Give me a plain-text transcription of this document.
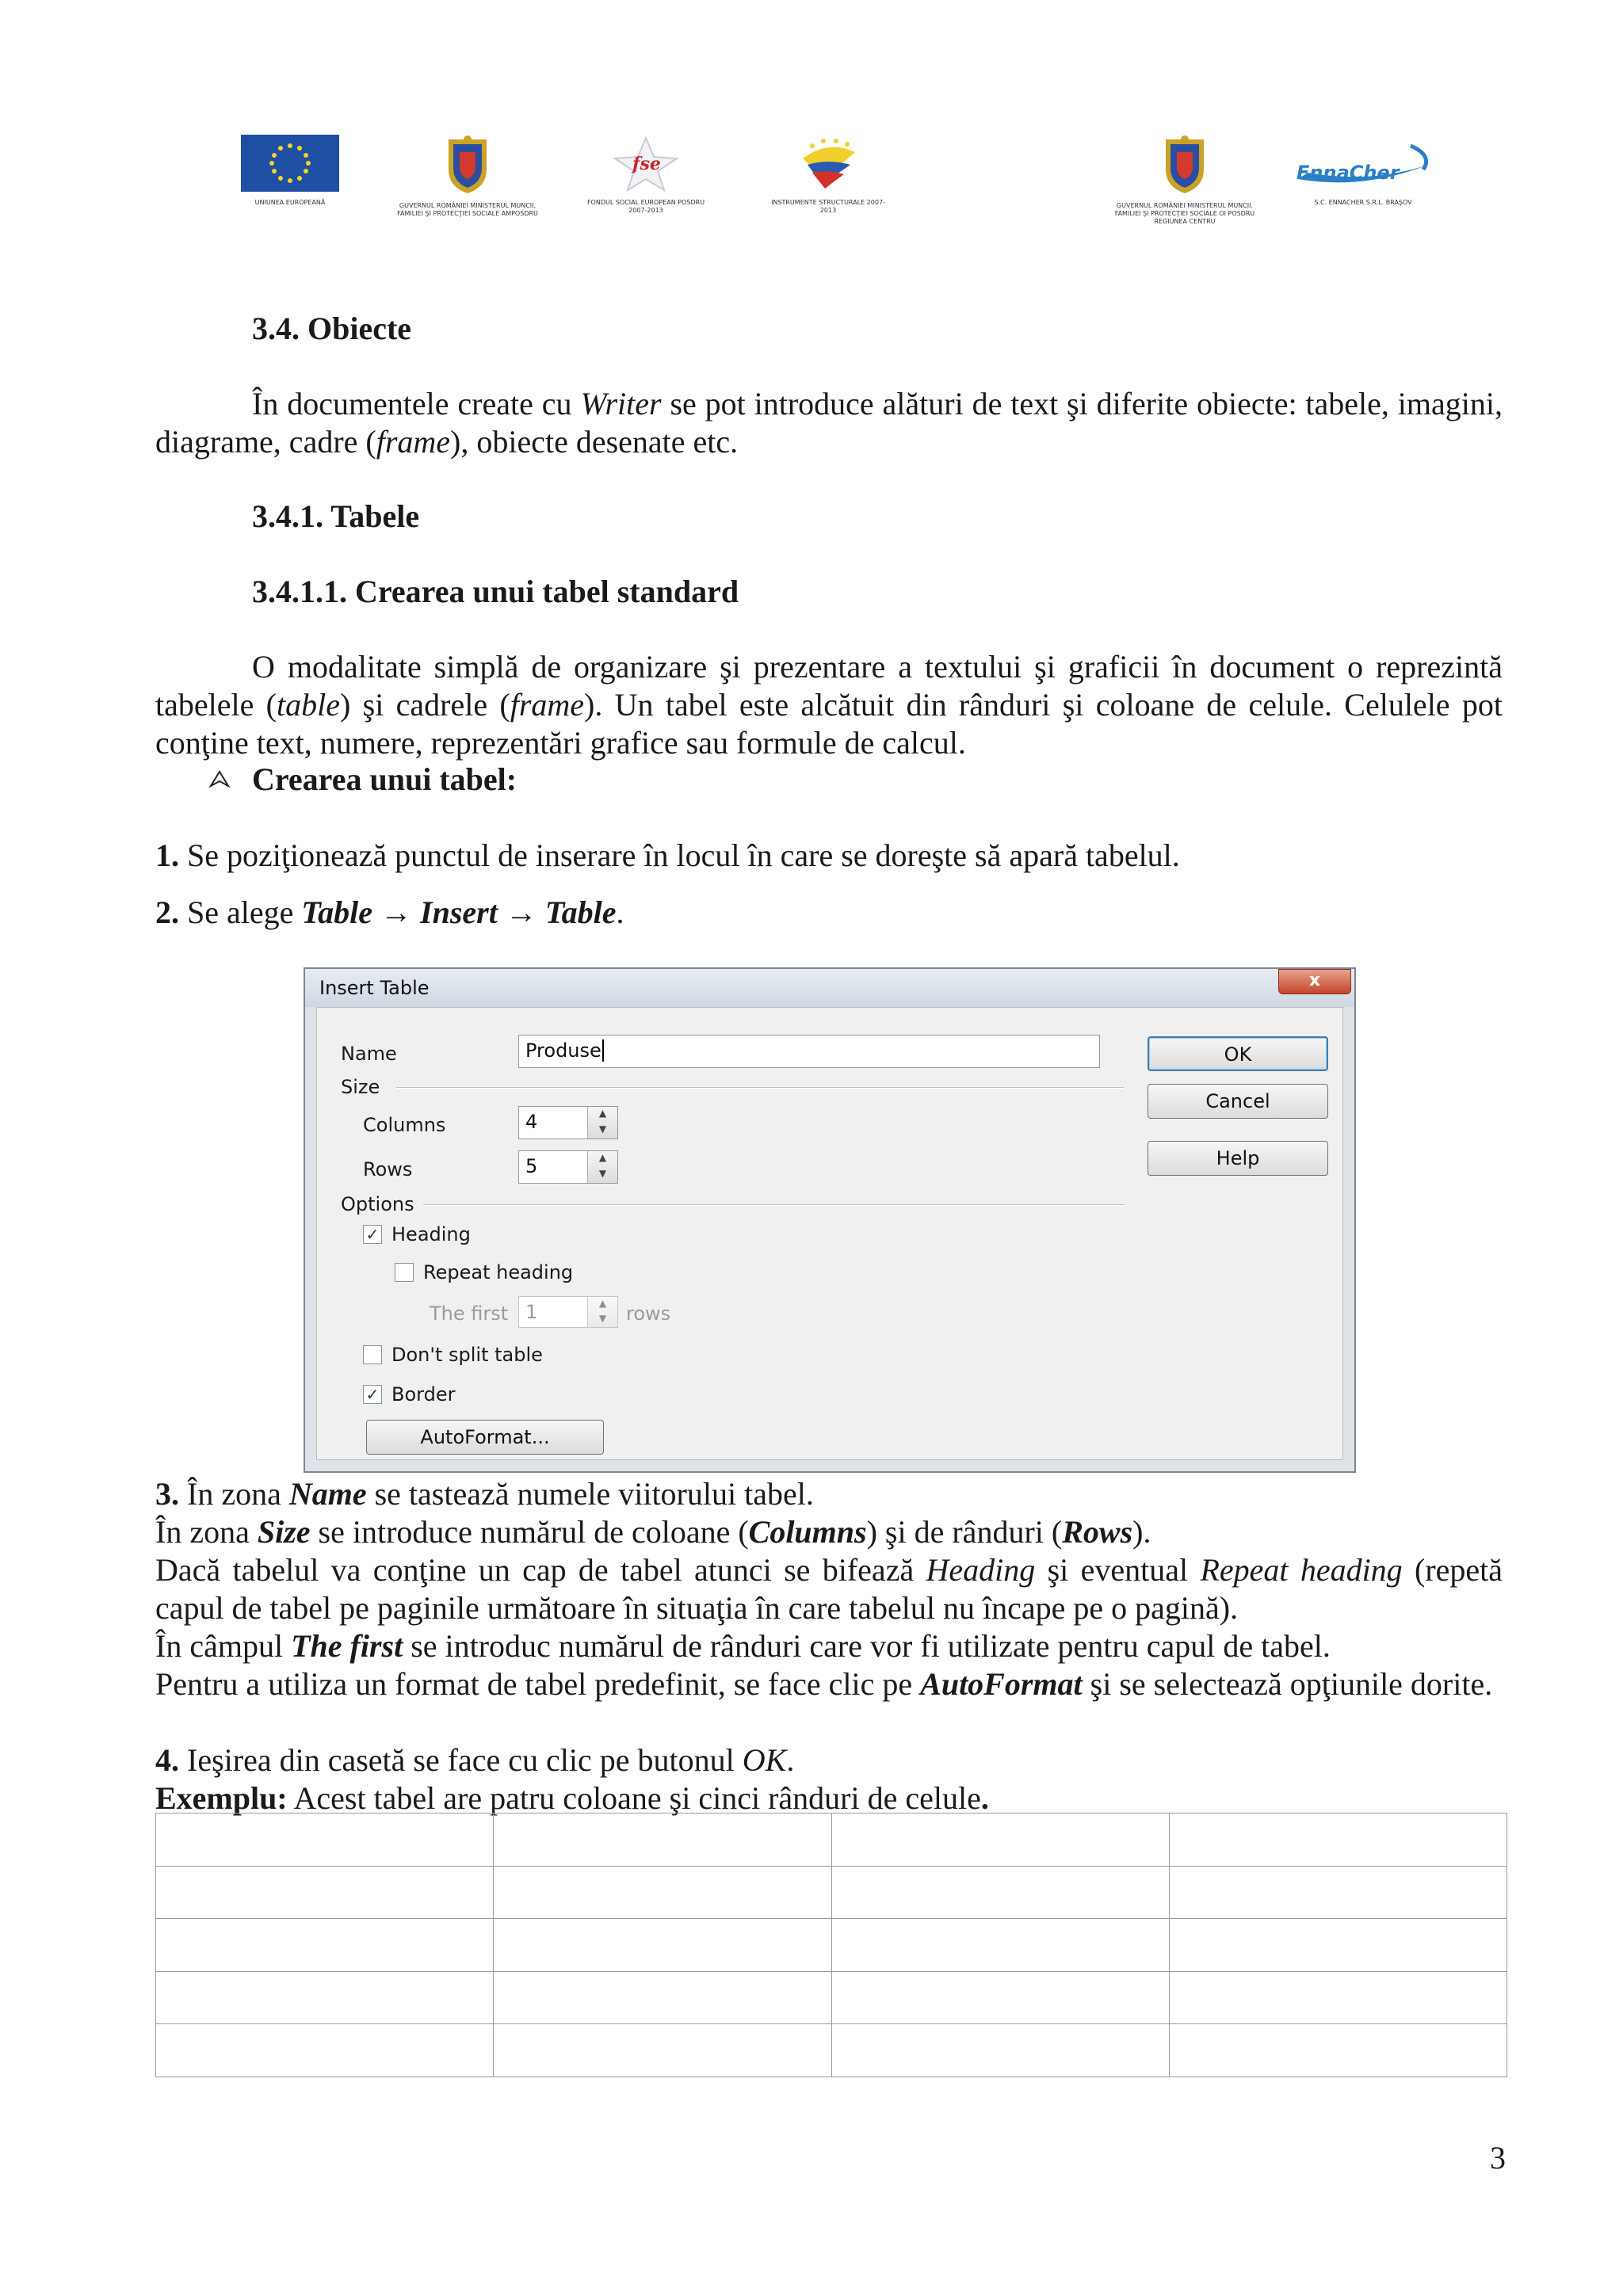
UNIUNEA EUROPEANĂ	GUVERNUL ROMÂNIEI MINISTERUL MUNCII, FAMILIEI ŞI PROTECŢIEI SOCIALE AMPOSDRU
fse
FONDUL SOCIAL EUROPEAN POSDRU 2007-2013
INSTRUMENTE STRUCTURALE 2007-2013
GUVERNUL ROMÂNIEI MINISTERUL MUNCII, FAMILIEI ŞI PROTECŢIEI SOCIALE OI POSDRU REGIUNEA CENTRU
EnnaCher
S.C. ENNACHER S.R.L. BRAŞOV

3.4. Obiecte

În documentele create cu Writer se pot introduce alături de text şi diferite obiecte: tabele, imagini, diagrame, cadre (frame), obiecte desenate etc.

3.4.1. Tabele

3.4.1.1. Crearea unui tabel standard

O modalitate simplă de organizare şi prezentare a textului şi graficii în document o reprezintă tabelele (table) şi cadrele (frame). Un tabel este alcătuit din rânduri şi coloane de celule. Celulele pot conţine text, numere, reprezentări grafice sau formule de calcul.

Crearea unui tabel:

1. Se poziţionează punctul de inserare în locul în care se doreşte să apară tabelul.

2. Se alege Table → Insert → Table.

Insert Table	x
Name	Produse
Size
Columns	4	▲
▼
Rows	5	▲
▼
Options
✓ Heading
Repeat heading
The first 1	▲
▼	rows
Don't split table
✓ Border
AutoFormat...
OK
Cancel
Help

3. În zona Name se tastează numele viitorului tabel.

În zona Size se introduce numărul de coloane (Columns) şi de rânduri (Rows).

Dacă tabelul va conţine un cap de tabel atunci se bifează Heading şi eventual Repeat heading (repetă capul de tabel pe paginile următoare în situaţia în care tabelul nu încape pe o pagină).

În câmpul The first se introduc numărul de rânduri care vor fi utilizate pentru capul de tabel.

Pentru a utiliza un format de tabel predefinit, se face clic pe AutoFormat şi se selectează opţiunile dorite.

4. Ieşirea din casetă se face cu clic pe butonul OK.

Exemplu: Acest tabel are patru coloane şi cinci rânduri de celule.

3
